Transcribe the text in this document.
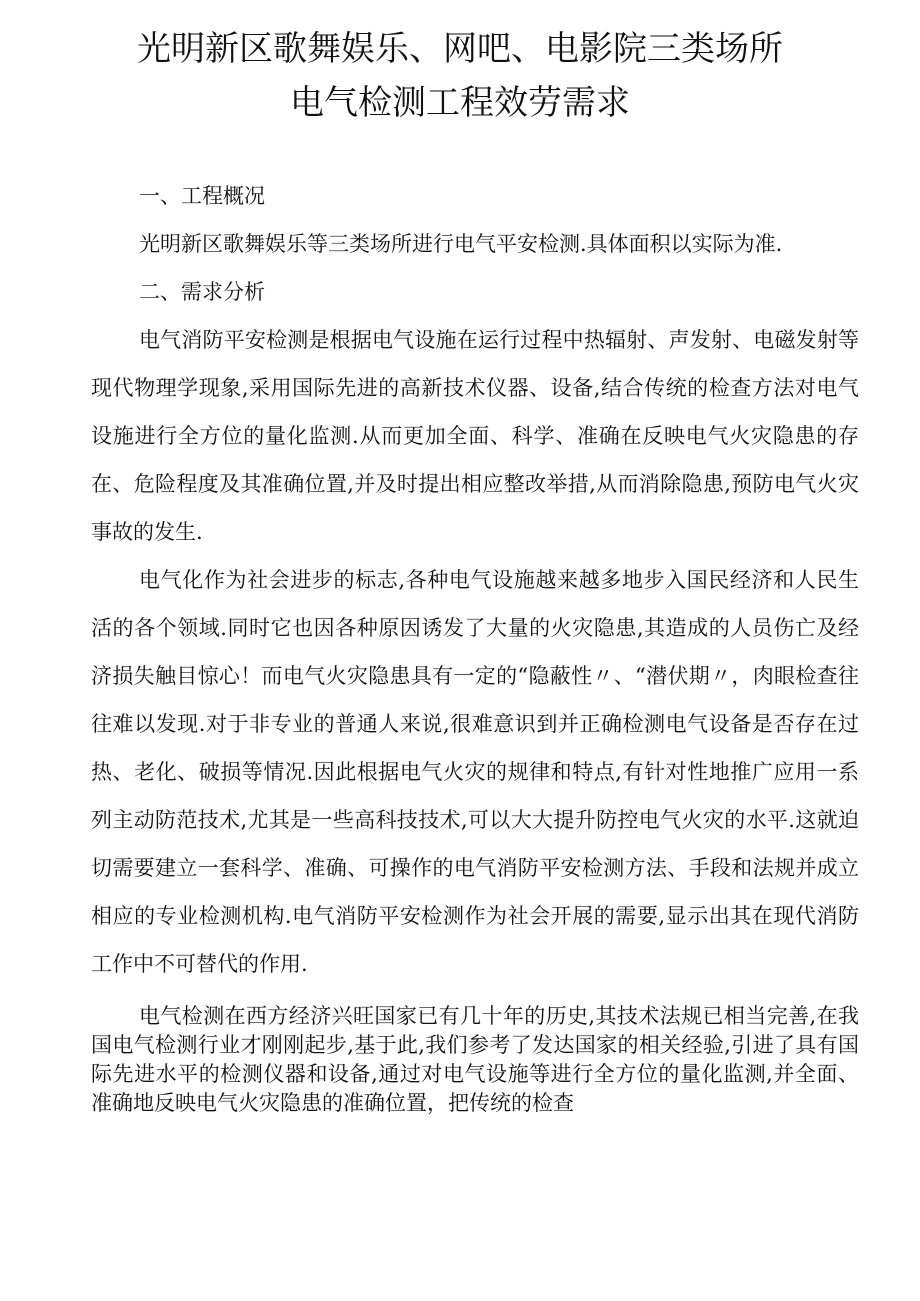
光明新区歌舞娱乐、网吧、电影院三类场所
电气检测工程效劳需求

一、工程概况

光明新区歌舞娱乐等三类场所进行电气平安检测.具体面积以实际为准.

二、需求分析

电气消防平安检测是根据电气设施在运行过程中热辐射、声发射、电磁发射等现代物理学现象,采用国际先进的高新技术仪器、设备,结合传统的检查方法对电气设施进行全方位的量化监测.从而更加全面、科学、准确在反映电气火灾隐患的存在、危险程度及其准确位置,并及时提出相应整改举措,从而消除隐患,预防电气火灾事故的发生.

电气化作为社会进步的标志,各种电气设施越来越多地步入国民经济和人民生活的各个领域.同时它也因各种原因诱发了大量的火灾隐患,其造成的人员伤亡及经济损失触目惊心！而电气火灾隐患具有一定的“隐蔽性〃、“潜伏期〃，肉眼检查往往难以发现.对于非专业的普通人来说,很难意识到并正确检测电气设备是否存在过热、老化、破损等情况.因此根据电气火灾的规律和特点,有针对性地推广应用一系列主动防范技术,尤其是一些高科技技术,可以大大提升防控电气火灾的水平.这就迫切需要建立一套科学、准确、可操作的电气消防平安检测方法、手段和法规并成立相应的专业检测机构.电气消防平安检测作为社会开展的需要,显示出其在现代消防工作中不可替代的作用.

电气检测在西方经济兴旺国家已有几十年的历史,其技术法规已相当完善,在我国电气检测行业才刚刚起步,基于此,我们参考了发达国家的相关经验,引进了具有国际先进水平的检测仪器和设备,通过对电气设施等进行全方位的量化监测,并全面、准确地反映电气火灾隐患的准确位置，把传统的检查
